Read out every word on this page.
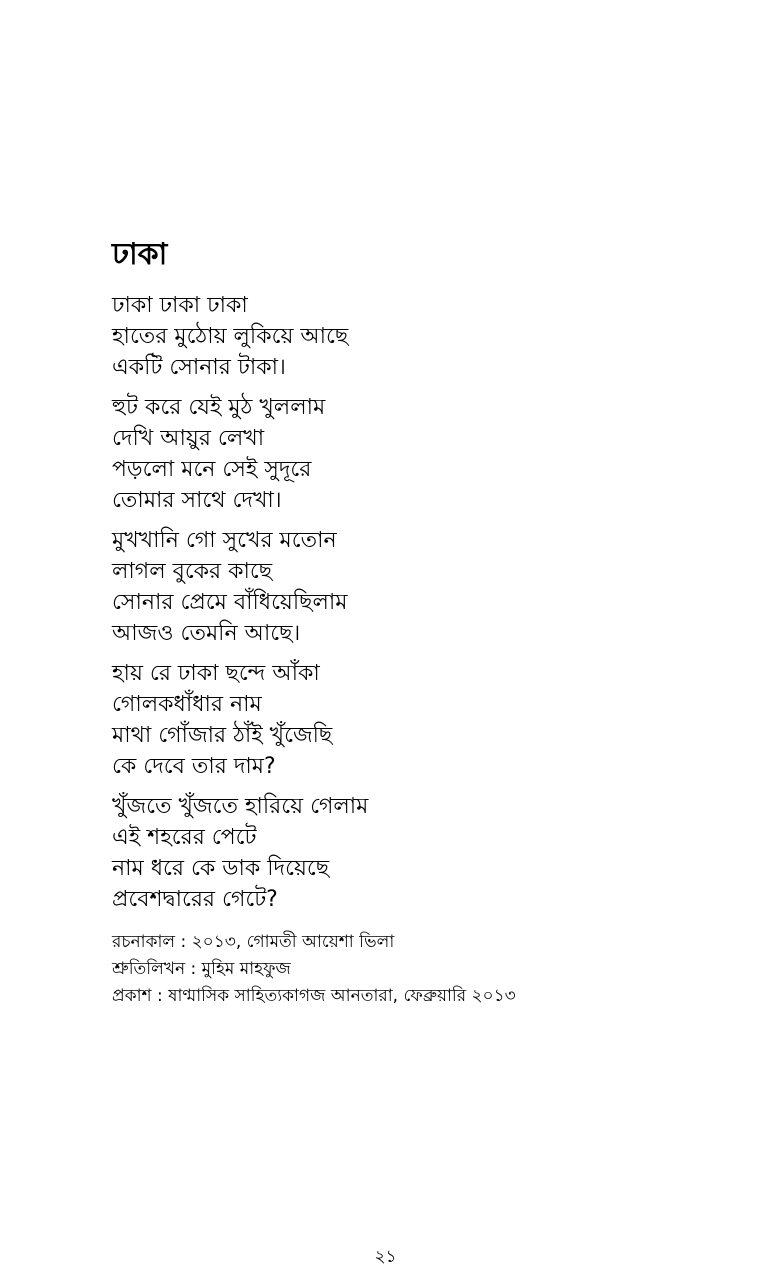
ঢাকা
ঢাকা ঢাকা ঢাকা
হাতের মুঠোয় লুকিয়ে আছে
একটি সোনার টাকা।
হুট করে যেই মুঠ খুললাম
দেখি আয়ুর লেখা
পড়লো মনে সেই সুদূরে
তোমার সাথে দেখা।
মুখখানি গো সুখের মতোন
লাগল বুকের কাছে
সোনার প্রেমে বাঁধিয়েছিলাম
আজও তেমনি আছে।
হায় রে ঢাকা ছন্দে আঁকা
গোলকধাঁধার নাম
মাথা গোঁজার ঠাঁই খুঁজেছি
কে দেবে তার দাম?
খুঁজতে খুঁজতে হারিয়ে গেলাম
এই শহরের পেটে
নাম ধরে কে ডাক দিয়েছে
প্রবেশদ্বারের গেটে?
রচনাকাল : ২০১৩, গোমতী আয়েশা ভিলা
শ্রুতিলিখন : মুহিম মাহফুজ
প্রকাশ : ষাণ্মাসিক সাহিত্যকাগজ আনতারা, ফেব্রুয়ারি ২০১৩
২১
